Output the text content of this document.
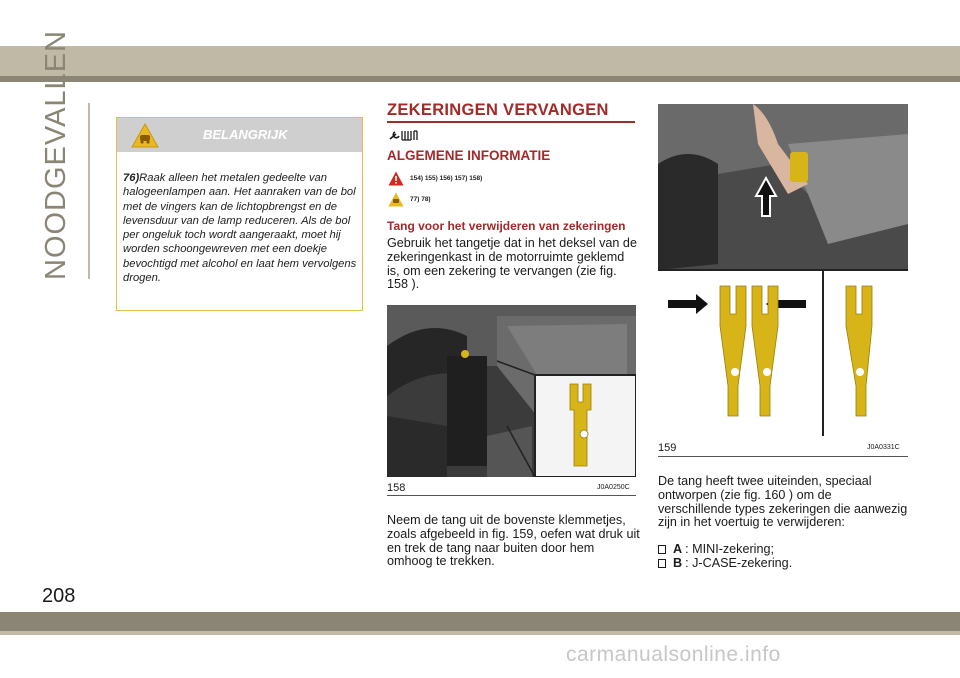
NOODGEVALLEN	BELANGRIJK
76)Raak alleen het metalen gedeelte van halogeenlampen aan. Het aanraken van de bol met de vingers kan de lichtopbrengst en de levensduur van de lamp reduceren. Als de bol per ongeluk toch wordt aangeraakt, moet hij worden schoongewreven met een doekje bevochtigd met alcohol en laat hem vervolgens drogen.
ZEKERINGEN VERVANGEN
ALGEMENE INFORMATIE
154) 155) 156) 157) 158)
77) 78)
Tang voor het verwijderen van zekeringen
Gebruik het tangetje dat in het deksel van de zekeringenkast in de motorruimte geklemd is, om een zekering te vervangen (zie fig. 158 ).
158	J0A0250C
Neem de tang uit de bovenste klemmetjes, zoals afgebeeld in fig. 159, oefen wat druk uit en trek de tang naar buiten door hem omhoog te trekken.
159	J0A0331C
De tang heeft twee uiteinden, speciaal ontworpen (zie fig. 160 ) om de verschillende types zekeringen die aanwezig zijn in het voertuig te verwijderen:
A : MINI-zekering;
B : J-CASE-zekering.
208
carmanualsonline.info
